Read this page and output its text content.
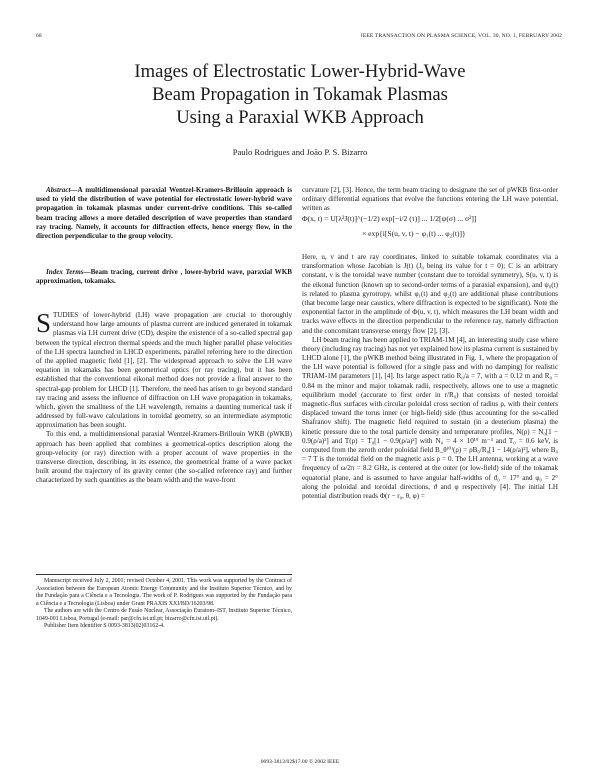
68	IEEE TRANSACTION ON PLASMA SCIENCE, VOL. 30, NO. 1, FEBRUARY 2002
Images of Electrostatic Lower-Hybrid-Wave
Beam Propagation in Tokamak Plasmas
Using a Paraxial WKB Approach
Paulo Rodrigues and João P. S. Bizarro

Abstract—A multidimensional paraxial Wentzel-Kramers-Brillouin approach is used to yield the distribution of wave potential for electrostatic lower-hybrid wave propagation in tokamak plasmas under current-drive conditions. This so-called beam tracing allows a more detailed description of wave properties than standard ray tracing. Namely, it accounts for diffraction effects, hence energy flow, in the direction perpendicular to the group velocity.

Index Terms—Beam tracing, current drive , lower-hybrid wave, paraxial WKB approximation, tokamaks.

STUDIES of lower-hybrid (LH) wave propagation are crucial to thoroughly understand how large amounts of plasma current are induced generated in tokamak plasmas via LH current drive (CD), despite the existence of a so-called spectral gap between the typical electron thermal speeds and the much higher parallel phase velocities of the LH spectra launched in LHCD experiments, parallel referring here to the direction of the applied magnetic field [1], [2]. The widespread approach to solve the LH wave equation in tokamaks has been geometrical optics (or ray tracing), but it has been established that the conventional eikonal method does not provide a final answer to the spectral-gap problem for LHCD [1]. Therefore, the need has arisen to go beyond standard ray tracing and assess the influence of diffraction on LH wave propagation in tokamaks, which, given the smallness of the LH wavelength, remains a daunting numerical task if addressed by full-wave calculations in toroidal geometry, so an intermediate asymptotic approximation has been sought.

To this end, a multidimensional paraxial Wentzel-Kramers-Brillouin WKB (pWKB) approach has been applied that combines a geometrical-optics description along the group-velocity (or ray) direction with a proper account of wave properties in the transverse direction, describing, in its essence, the geometrical frame of a wave packet built around the trajectory of its gravity center (the so-called reference ray) and further characterized by such quantities as the beam width and the wave-front

Manuscript received July 2, 2001; revised October 4, 2001. This work was supported by the Contract of Association between the European Atomic Energy Community and the Instituto Superior Técnico, and by the Fundação para a Ciência e a Tecnologia. The work of P. Rodrigues was supported by the Fundação para a Ciência e a Tecnologia (Lisboa) under Grant PRAXIS XXI/BD/16203/98.

The authors are with the Centro de Fusão Nuclear, Associação Euratom–IST, Instituto Superior Técnico, 1049-001 Lisboa, Portugal (e-mail: par@cfn.ist.utl.pt; bizarro@cfn.ist.utl.pt).

Publisher Item Identifier S 0093-3813(02)03162-4.

curvature [2], [3]. Hence, the term beam tracing to designate the set of pWKB first-order ordinary differential equations that evolve the functions entering the LH wave potential, written as

Φ(x, t) = U[λ²J(t)]^(−1/2) exp[−i/2 (τ)] ... 1/2[ψ(σ) ... σ²]]
× exp{i[S(u, v, t) − φ₁(t) ... φ₂(t)]}

Here, u, v and t are ray coordinates, linked to suitable tokamak coordinates via a transformation whose Jacobian is J(t) (J₀ being its value for t = 0); C is an arbitrary constant, ν is the toroidal wave number (constant due to toroidal symmetry), S(u, v, t) is the eikonal function (known up to second-order terms of a paraxial expansion), and ψ₀(t) is related to plasma gyrotropy, whilst φ₁(t) and φ₂(t) are additional phase contributions (that become large near caustics, where diffraction is expected to be significant). Note the exponential factor in the amplitude of Φ(u, v, t), which measures the LH beam width and tracks wave effects in the direction perpendicular to the reference ray, namely diffraction and the concomitant transverse energy flow [2], [3].

LH beam tracing has been applied to TRIAM-1M [4], an interesting study case where theory (including ray tracing) has not yet explained how its plasma current is sustained by LHCD alone [1], the pWKB method being illustrated in Fig. 1, where the propagation of the LH wave potential is followed (for a single pass and with no damping) for realistic TRIAM-1M parameters [1], [4]. Its large aspect ratio R₀/a = 7, with a = 0.12 m and R₀ = 0.84 m the minor and major tokamak radii, respectively, allows one to use a magnetic equilibrium model (accurate to first order in r/R₀) that consists of nested toroidal magnetic-flux surfaces with circular poloidal cross section of radius ρ, with their centers displaced toward the torus inner (or high-field) side (thus accounting for the so-called Shafranov shift). The magnetic field required to sustain (in a deuterium plasma) the kinetic pressure due to the total particle density and temperature profiles, N(ρ) = N₀[1 − 0.9(ρ/a)²] and T(ρ) = T₀[1 − 0.9(ρ/a)²] with N₀ = 4 × 10¹⁹ m⁻³ and T₀ = 0.6 keV, is computed from the zeroth order poloidal field B_θ⁽⁰⁾(ρ) = ρB₀/R₀[1 − 14(ρ/a)²], where B₀ = 7 T is the toroidal field on the magnetic axis ρ = 0. The LH antenna, working at a wave frequency of ω/2π = 8.2 GHz, is centered at the outer (or low-field) side of the tokamak equatorial plane, and is assumed to have angular half-widths of ϑ₀ = 17° and φ₀ = 2° along the poloidal and toroidal directions, ϑ and φ respectively [4]. The initial LH potential distribution reads Φ(r − r₀, θ, φ) =

0093-3813/02$17.00 © 2002 IEEE
